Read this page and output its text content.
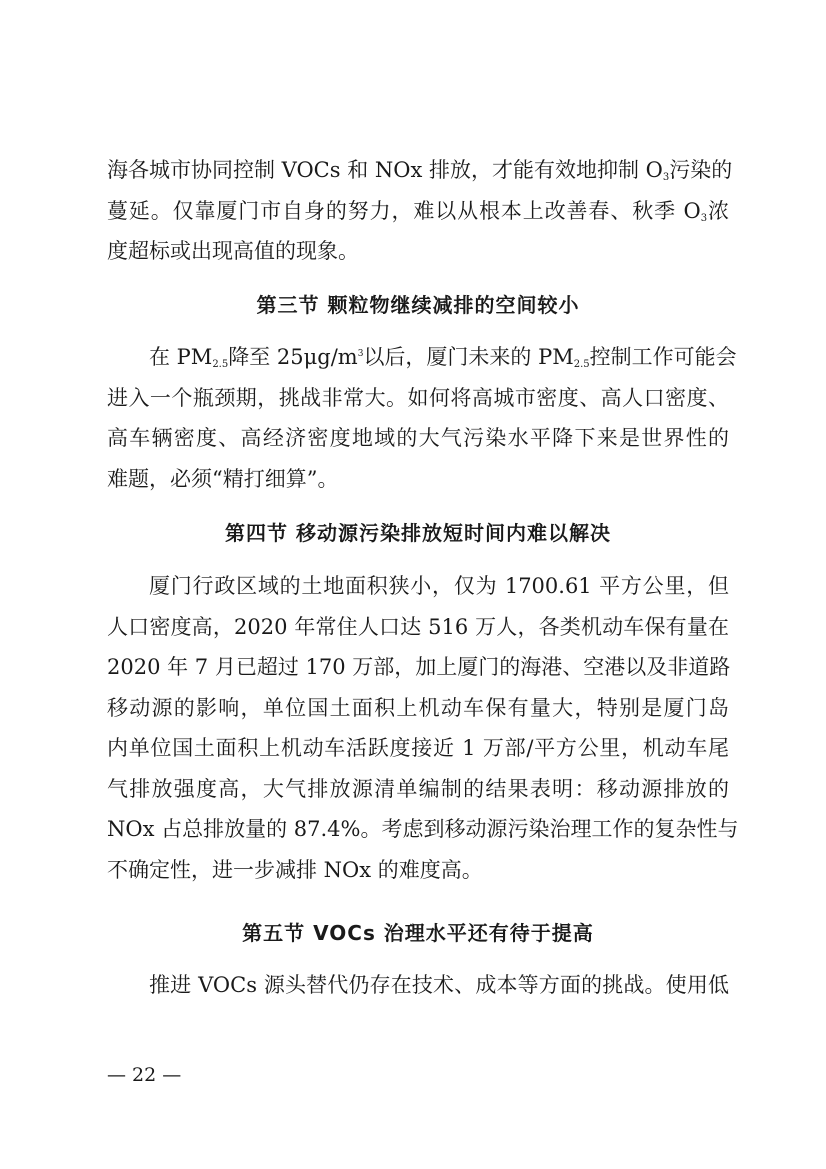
海各城市协同控制 VOCs 和 NOx 排放，才能有效地抑制 $O_3$污染的
蔓延。仅靠厦门市自身的努力，难以从根本上改善春、秋季 $O_3$浓
度超标或出现高值的现象。
第三节 颗粒物继续减排的空间较小
在 $PM_{2.5}$降至 $25\mu g/m^3$以后，厦门未来的 $PM_{2.5}$控制工作可能会
进入一个瓶颈期，挑战非常大。如何将高城市密度、高人口密度、
高车辆密度、高经济密度地域的大气污染水平降下来是世界性的
难题，必须“精打细算”。
第四节 移动源污染排放短时间内难以解决
厦门行政区域的土地面积狭小，仅为 1700.61 平方公里，但
人口密度高，2020 年常住人口达 516 万人，各类机动车保有量在
2020 年 7 月已超过 170 万部，加上厦门的海港、空港以及非道路
移动源的影响，单位国土面积上机动车保有量大，特别是厦门岛
内单位国土面积上机动车活跃度接近 1 万部/平方公里，机动车尾
气排放强度高，大气排放源清单编制的结果表明：移动源排放的
NOx 占总排放量的 87.4%。考虑到移动源污染治理工作的复杂性与
不确定性，进一步减排 NOx 的难度高。
第五节 VOCs 治理水平还有待于提高
推进 VOCs 源头替代仍存在技术、成本等方面的挑战。使用低
— 22 —
